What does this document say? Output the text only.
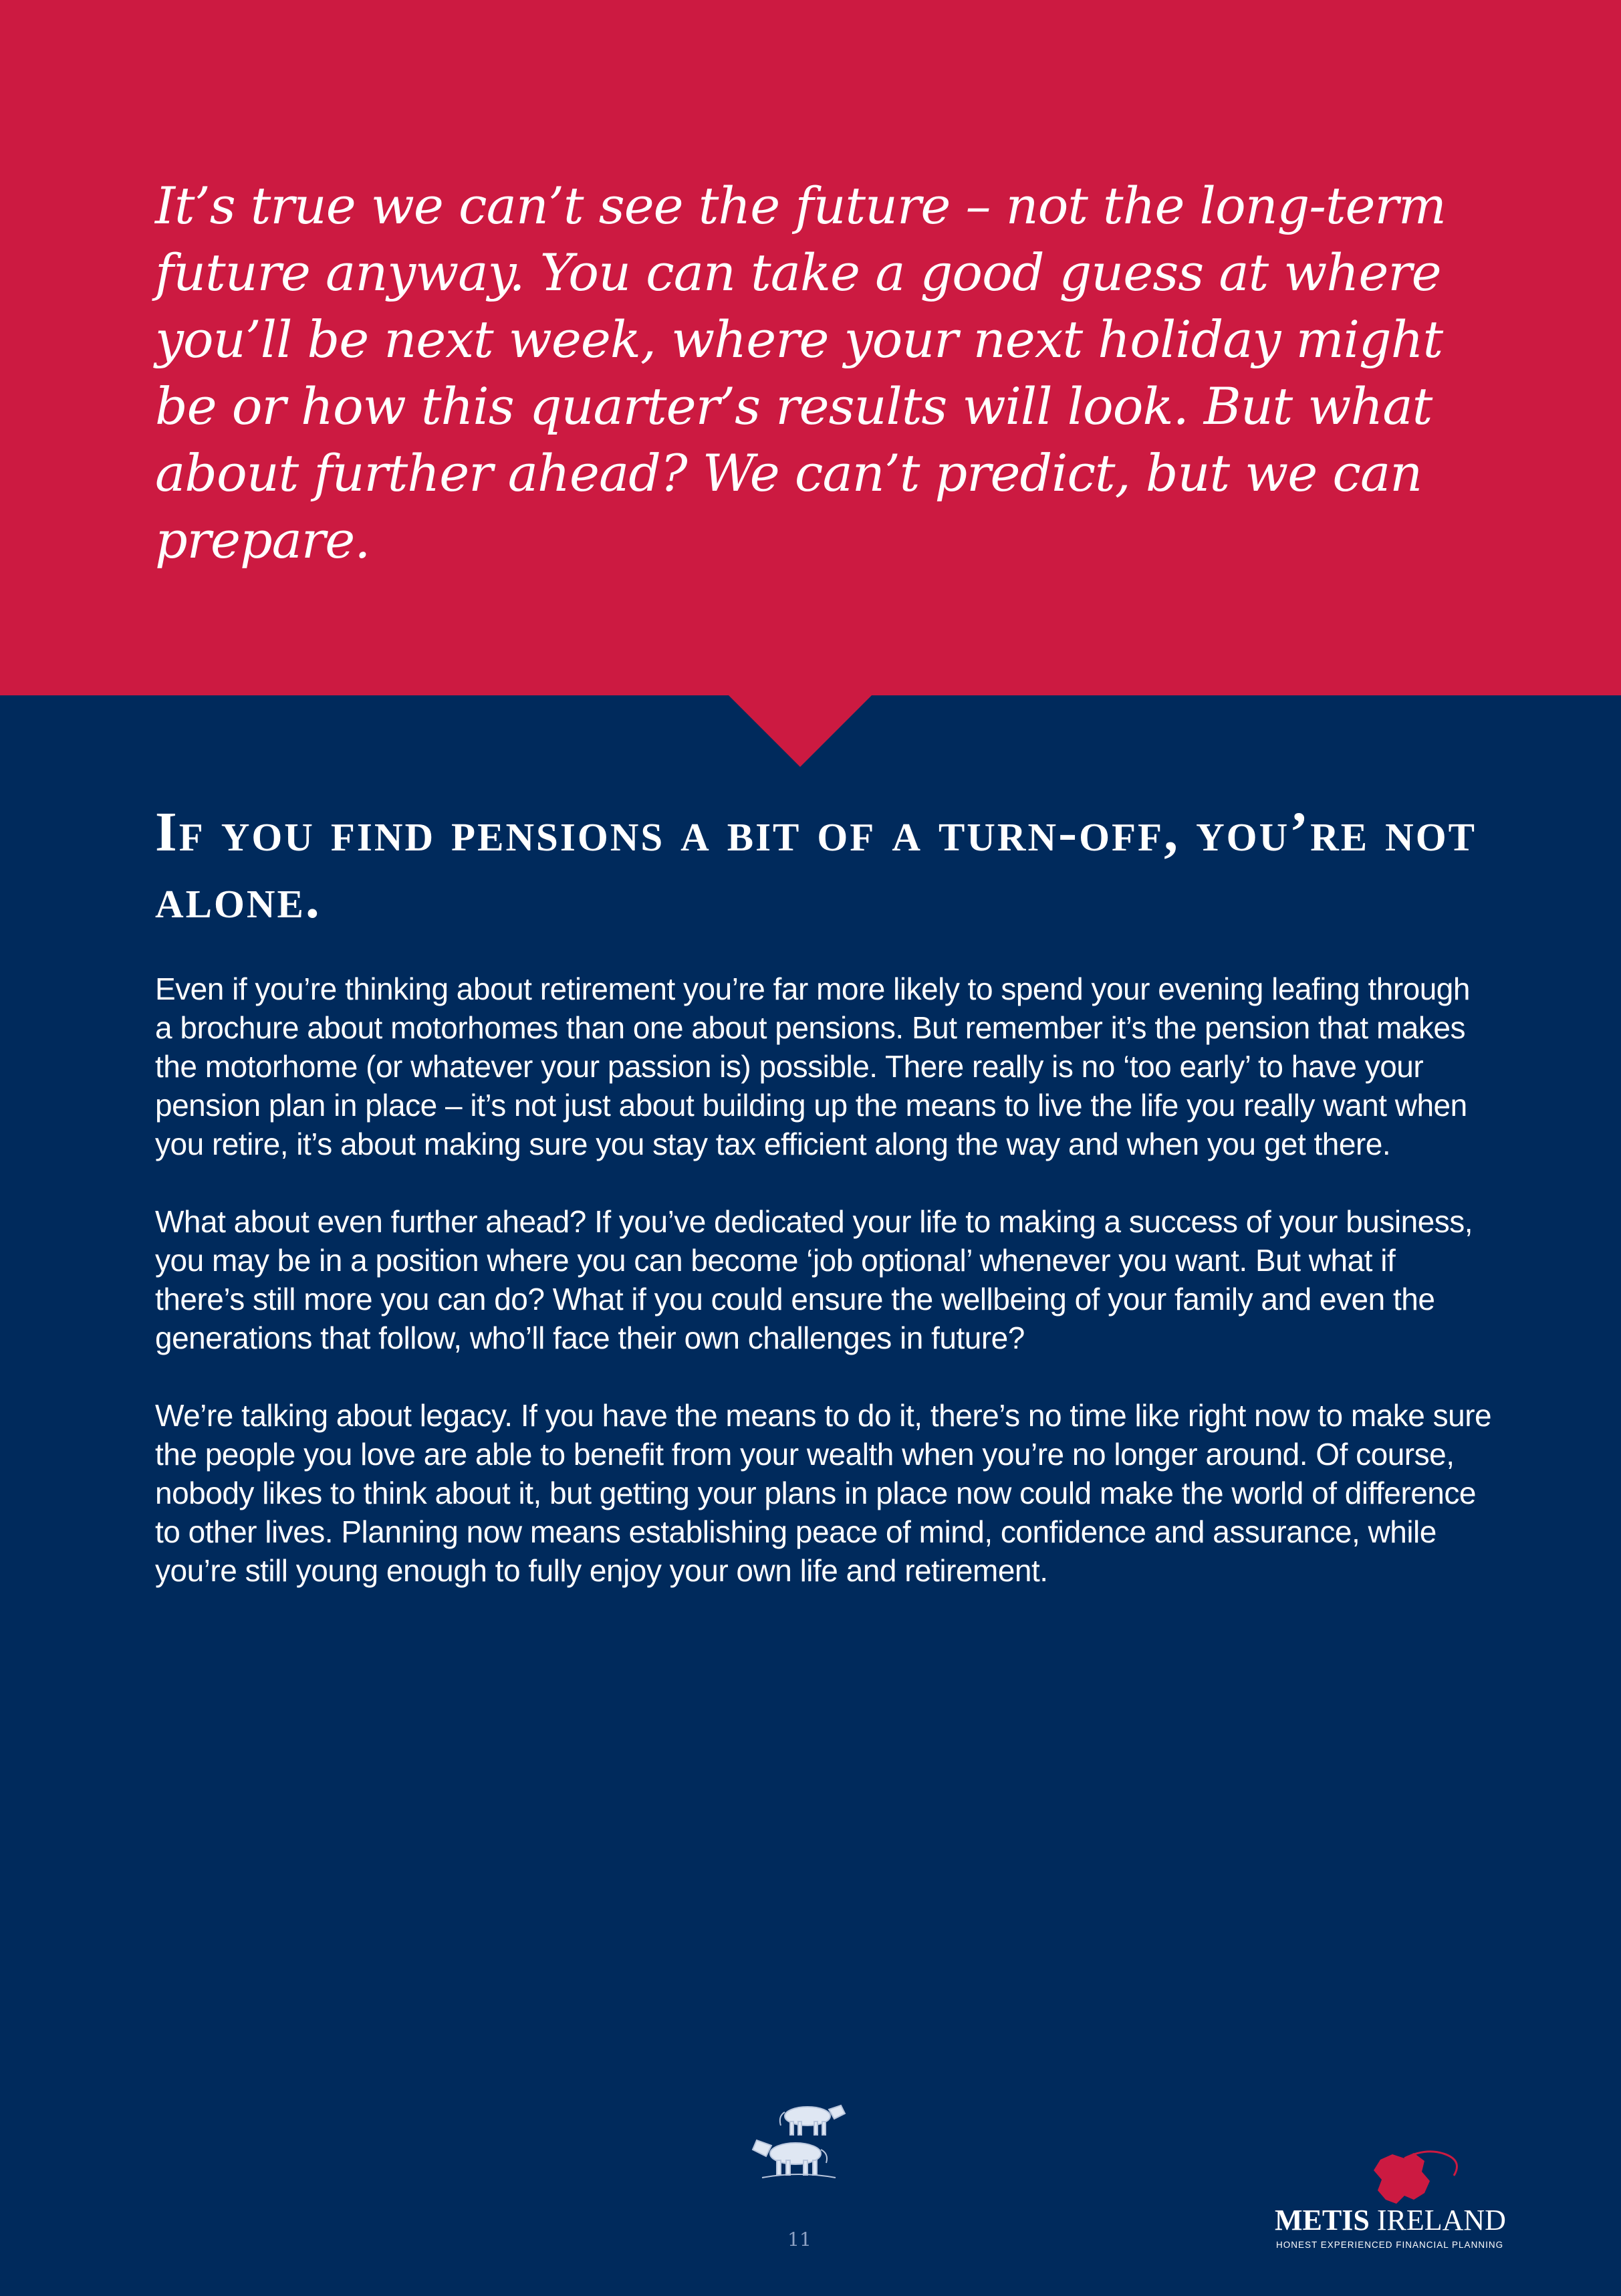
It’s true we can’t see the future – not the long-term future anyway. You can take a good guess at where you’ll be next week, where your next holiday might be or how this quarter’s results will look. But what about further ahead? We can’t predict, but we can prepare.

If you find pensions a bit of a turn-off, you’re not alone.

Even if you’re thinking about retirement you’re far more likely to spend your evening leafing through a brochure about motorhomes than one about pensions. But remember it’s the pension that makes the motorhome (or whatever your passion is) possible. There really is no ‘too early’ to have your pension plan in place – it’s not just about building up the means to live the life you really want when you retire, it’s about making sure you stay tax efficient along the way and when you get there.

What about even further ahead? If you’ve dedicated your life to making a success of your business, you may be in a position where you can become ‘job optional’ whenever you want. But what if there’s still more you can do? What if you could ensure the wellbeing of your family and even the generations that follow, who’ll face their own challenges in future?

We’re talking about legacy. If you have the means to do it, there’s no time like right now to make sure the people you love are able to benefit from your wealth when you’re no longer around. Of course, nobody likes to think about it, but getting your plans in place now could make the world of difference to other lives. Planning now means establishing peace of mind, confidence and assurance, while you’re still young enough to fully enjoy your own life and retirement.

11
METIS IRELAND
HONEST EXPERIENCED FINANCIAL PLANNING
